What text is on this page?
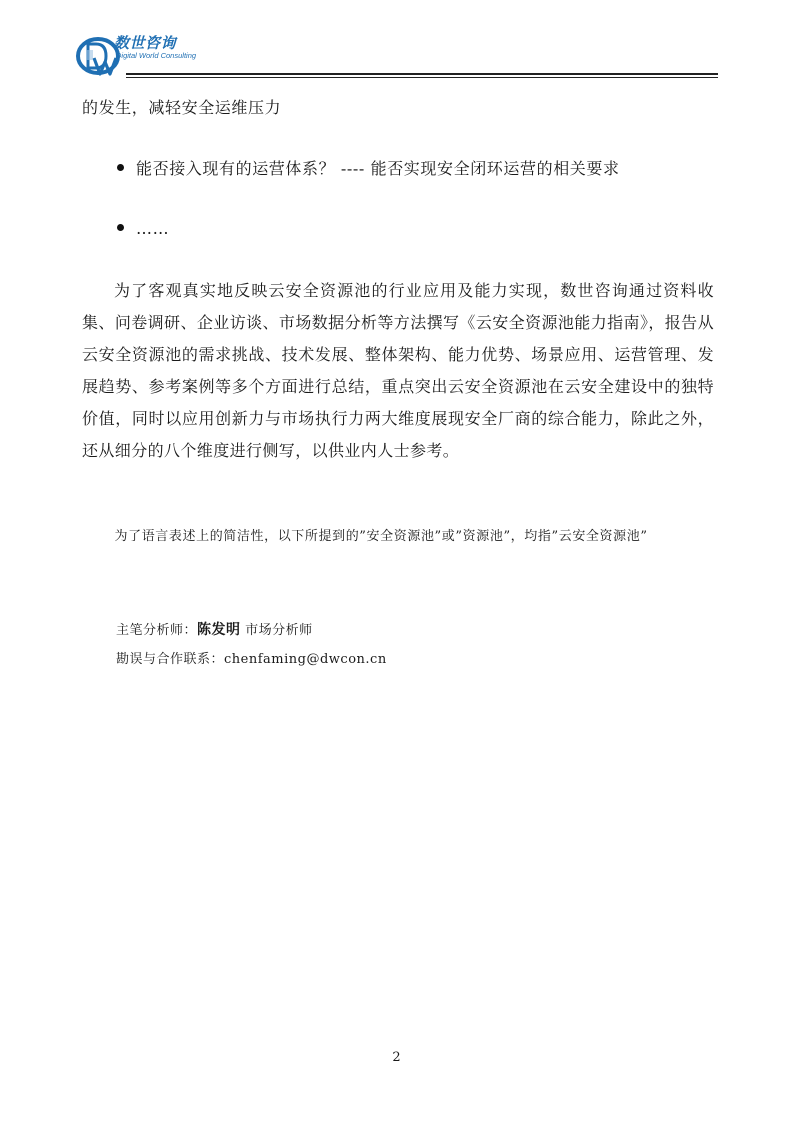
数世咨询
Digital World Consulting
的发生，减轻安全运维压力
能否接入现有的运营体系？ ---- 能否实现安全闭环运营的相关要求
……
为了客观真实地反映云安全资源池的行业应用及能力实现，数世咨询通过资料收集、问卷调研、企业访谈、市场数据分析等方法撰写《云安全资源池能力指南》，报告从云安全资源池的需求挑战、技术发展、整体架构、能力优势、场景应用、运营管理、发展趋势、参考案例等多个方面进行总结，重点突出云安全资源池在云安全建设中的独特价值，同时以应用创新力与市场执行力两大维度展现安全厂商的综合能力，除此之外，还从细分的八个维度进行侧写，以供业内人士参考。
为了语言表述上的简洁性，以下所提到的”安全资源池”或”资源池”，均指”云安全资源池”
主笔分析师：陈发明 市场分析师
勘误与合作联系：chenfaming@dwcon.cn
2
